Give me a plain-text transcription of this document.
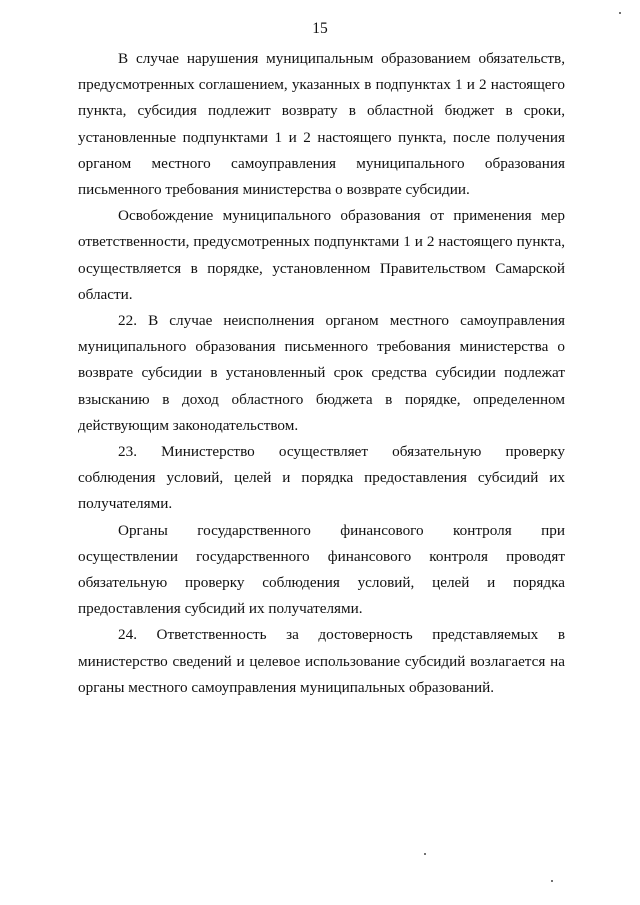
15

В случае нарушения муниципальным образованием обязательств, предусмотренных соглашением, указанных в подпунктах 1 и 2 настоящего пункта, субсидия подлежит возврату в областной бюджет в сроки, установленные подпунктами 1 и 2 настоящего пункта, после получения органом местного самоуправления муниципального образования письменного требования министерства о возврате субсидии.

Освобождение муниципального образования от применения мер ответственности, предусмотренных подпунктами 1 и 2 настоящего пункта, осуществляется в порядке, установленном Правительством Самарской области.

22. В случае неисполнения органом местного самоуправления муниципального образования письменного требования министерства о возврате субсидии в установленный срок средства субсидии подлежат взысканию в доход областного бюджета в порядке, определенном действующим законодательством.

23. Министерство осуществляет обязательную проверку соблюдения условий, целей и порядка предоставления субсидий их получателями.

Органы государственного финансового контроля при осуществлении государственного финансового контроля проводят обязательную проверку соблюдения условий, целей и порядка предоставления субсидий их получателями.

24. Ответственность за достоверность представляемых в министерство сведений и целевое использование субсидий возлагается на органы местного самоуправления муниципальных образований.
